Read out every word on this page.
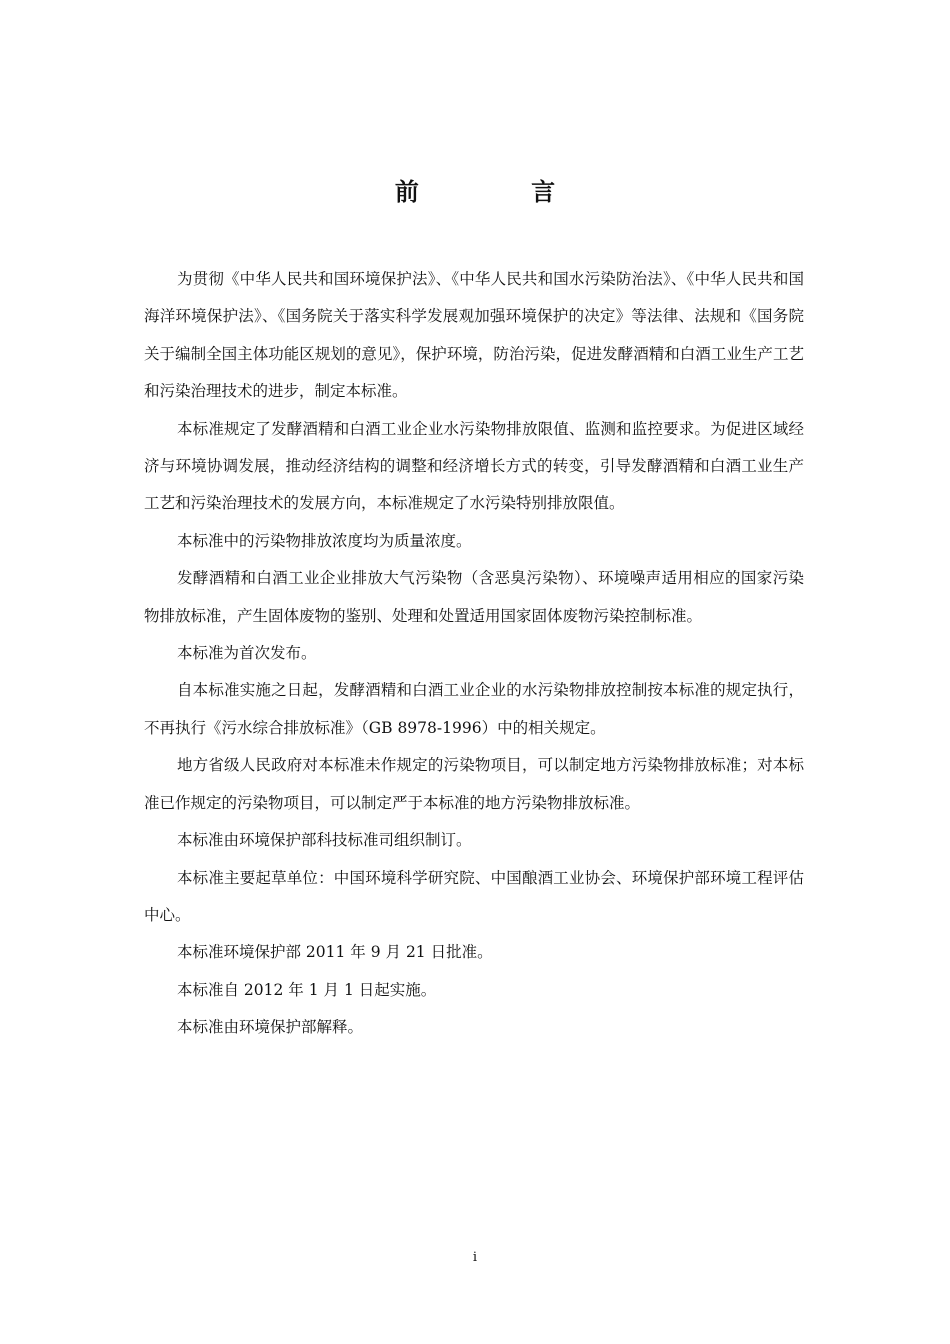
前 言

为贯彻《中华人民共和国环境保护法》、《中华人民共和国水污染防治法》、《中华人民共和国海洋环境保护法》、《国务院关于落实科学发展观加强环境保护的决定》等法律、法规和《国务院关于编制全国主体功能区规划的意见》，保护环境，防治污染，促进发酵酒精和白酒工业生产工艺和污染治理技术的进步，制定本标准。

本标准规定了发酵酒精和白酒工业企业水污染物排放限值、监测和监控要求。为促进区域经济与环境协调发展，推动经济结构的调整和经济增长方式的转变，引导发酵酒精和白酒工业生产工艺和污染治理技术的发展方向，本标准规定了水污染特别排放限值。

本标准中的污染物排放浓度均为质量浓度。

发酵酒精和白酒工业企业排放大气污染物（含恶臭污染物）、环境噪声适用相应的国家污染物排放标准，产生固体废物的鉴别、处理和处置适用国家固体废物污染控制标准。

本标准为首次发布。

自本标准实施之日起，发酵酒精和白酒工业企业的水污染物排放控制按本标准的规定执行，不再执行《污水综合排放标准》（GB 8978-1996）中的相关规定。

地方省级人民政府对本标准未作规定的污染物项目，可以制定地方污染物排放标准；对本标准已作规定的污染物项目，可以制定严于本标准的地方污染物排放标准。

本标准由环境保护部科技标准司组织制订。

本标准主要起草单位：中国环境科学研究院、中国酿酒工业协会、环境保护部环境工程评估中心。

本标准环境保护部 2011 年 9 月 21 日批准。

本标准自 2012 年 1 月 1 日起实施。

本标准由环境保护部解释。

i
